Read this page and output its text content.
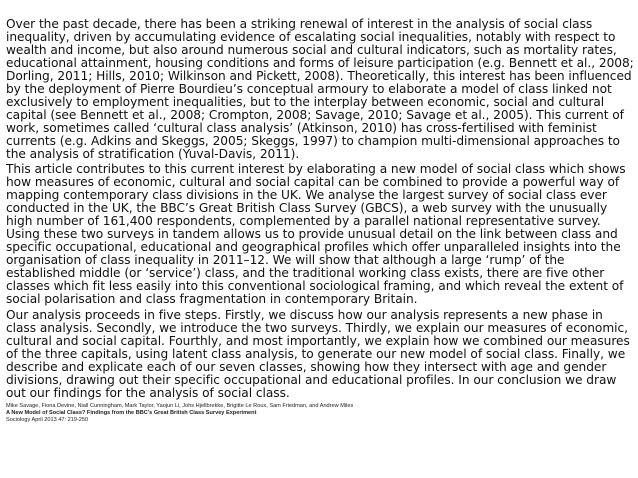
Over the past decade, there has been a striking renewal of interest in the analysis of social class inequality, driven by accumulating evidence of escalating social inequalities, notably with respect to wealth and income, but also around numerous social and cultural indicators, such as mortality rates, educational attainment, housing conditions and forms of leisure participation (e.g. Bennett et al., 2008; Dorling, 2011; Hills, 2010; Wilkinson and Pickett, 2008). Theoretically, this interest has been influenced by the deployment of Pierre Bourdieu’s conceptual armoury to elaborate a model of class linked not exclusively to employment inequalities, but to the interplay between economic, social and cultural capital (see Bennett et al., 2008; Crompton, 2008; Savage, 2010; Savage et al., 2005). This current of work, sometimes called ‘cultural class analysis’ (Atkinson, 2010) has cross-fertilised with feminist currents (e.g. Adkins and Skeggs, 2005; Skeggs, 1997) to champion multi-dimensional approaches to the analysis of stratification (Yuval-Davis, 2011).

This article contributes to this current interest by elaborating a new model of social class which shows how measures of economic, cultural and social capital can be combined to provide a powerful way of mapping contemporary class divisions in the UK. We analyse the largest survey of social class ever conducted in the UK, the BBC’s Great British Class Survey (GBCS), a web survey with the unusually high number of 161,400 respondents, complemented by a parallel national representative survey. Using these two surveys in tandem allows us to provide unusual detail on the link between class and specific occupational, educational and geographical profiles which offer unparalleled insights into the organisation of class inequality in 2011–12. We will show that although a large ‘rump’ of the established middle (or ‘service’) class, and the traditional working class exists, there are five other classes which fit less easily into this conventional sociological framing, and which reveal the extent of social polarisation and class fragmentation in contemporary Britain.

Our analysis proceeds in five steps. Firstly, we discuss how our analysis represents a new phase in class analysis. Secondly, we introduce the two surveys. Thirdly, we explain our measures of economic, cultural and social capital. Fourthly, and most importantly, we explain how we combined our measures of the three capitals, using latent class analysis, to generate our new model of social class. Finally, we describe and explicate each of our seven classes, showing how they intersect with age and gender divisions, drawing out their specific occupational and educational profiles. In our conclusion we draw out our findings for the analysis of social class.

Mike Savage, Fiona Devine, Niall Cunningham, Mark Taylor, Yaojun Li, Johs Hjellbrekke, Brigitte Le Roux, Sam Friedman, and Andrew Miles
A New Model of Social Class? Findings from the BBC’s Great British Class Survey Experiment
Sociology April 2013 47: 219-250
